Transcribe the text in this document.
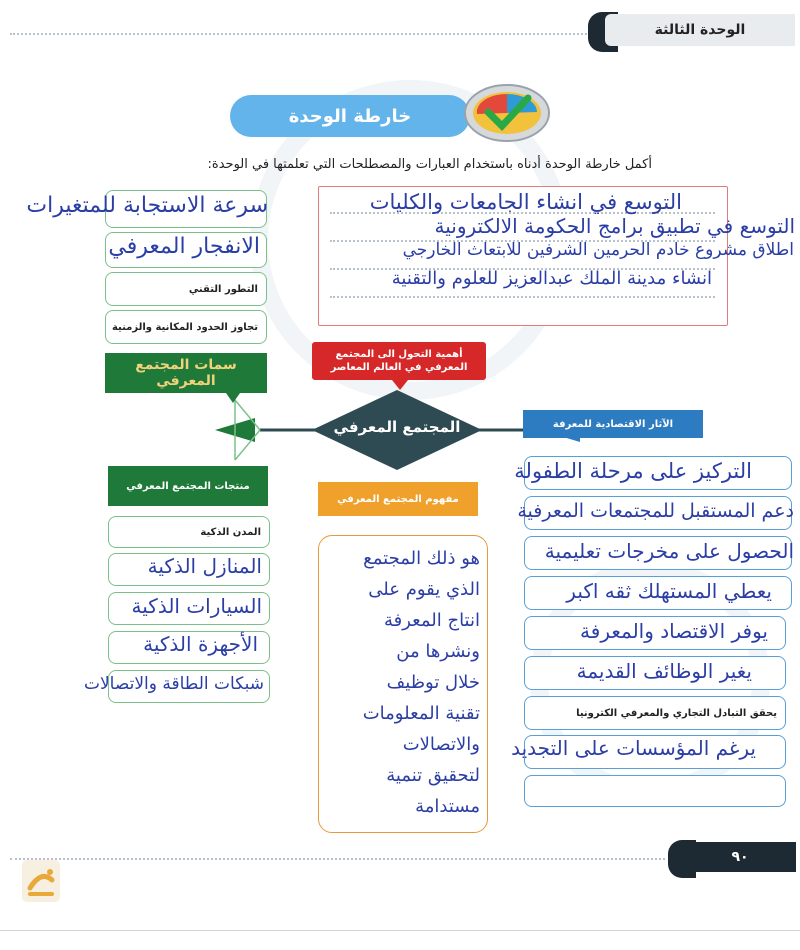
الوحدة الثالثة
خارطة الوحدة
أكمل خارطة الوحدة أدناه باستخدام العبارات والمصطلحات التي تعلمتها في الوحدة:
التوسع في انشاء الجامعات والكليات
التوسع في تطبيق برامج الحكومة الالكترونية
اطلاق مشروع خادم الحرمين الشرفين للابتعاث الخارجي
انشاء مدينة الملك عبدالعزيز للعلوم والتقنية
أهمية التحول الى المجتمع المعرفي في العالم المعاصر
المجتمع المعرفي
سرعة الاستجابة للمتغيرات
الانفجار المعرفي
التطور التقني
تجاوز الحدود المكانية والزمنية
سمات المجتمع المعرفي
منتجات المجتمع المعرفي
المدن الذكية
المنازل الذكية
السيارات الذكية
الأجهزة الذكية
شبكات الطاقة والاتصالات
مفهوم المجتمع المعرفي
هو ذلك المجتمع
الذي يقوم على
انتاج المعرفة
ونشرها من
خلال توظيف
تقنية المعلومات
والاتصالات
لتحقيق تنمية
مستدامة
الآثار الاقتصادية للمعرفة
التركيز على مرحلة الطفولة
دعم المستقبل للمجتمعات المعرفية
الحصول على مخرجات تعليمية
يعطي المستهلك ثقه اكبر
يوفر الاقتصاد والمعرفة
يغير الوظائف القديمة
يحقق التبادل التجاري والمعرفي الكترونيا
يرغم المؤسسات على التجديد
٩٠
